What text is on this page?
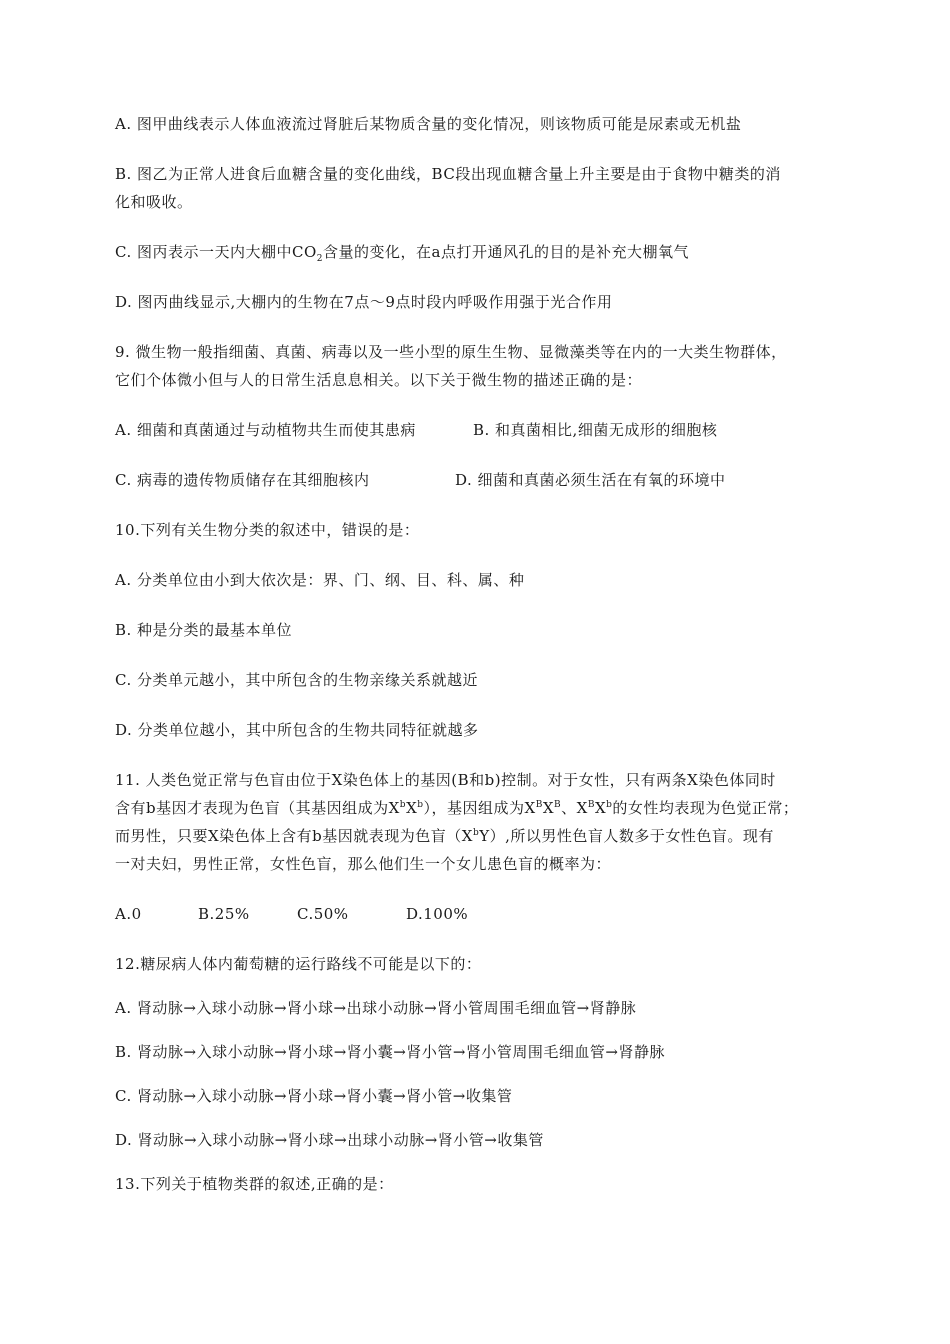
A. 图甲曲线表示人体血液流过肾脏后某物质含量的变化情况，则该物质可能是尿素或无机盐
B. 图乙为正常人进食后血糖含量的变化曲线，BC段出现血糖含量上升主要是由于食物中糖类的消
化和吸收。
C. 图丙表示一天内大棚中$CO_2$含量的变化，在a点打开通风孔的目的是补充大棚氧气
D. 图丙曲线显示,大棚内的生物在7点～9点时段内呼吸作用强于光合作用
9. 微生物一般指细菌、真菌、病毒以及一些小型的原生生物、显微藻类等在内的一大类生物群体，
它们个体微小但与人的日常生活息息相关。以下关于微生物的描述正确的是：
A. 细菌和真菌通过与动植物共生而使其患病	B. 和真菌相比,细菌无成形的细胞核
C. 病毒的遗传物质储存在其细胞核内	D. 细菌和真菌必须生活在有氧的环境中
10.下列有关生物分类的叙述中，错误的是：
A. 分类单位由小到大依次是：界、门、纲、目、科、属、种
B. 种是分类的最基本单位
C. 分类单元越小，其中所包含的生物亲缘关系就越近
D. 分类单位越小，其中所包含的生物共同特征就越多
11. 人类色觉正常与色盲由位于X染色体上的基因(B和b)控制。对于女性，只有两条X染色体同时
含有b基因才表现为色盲（其基因组成为$X^bX^b$），基因组成为$X^BX^B$、$X^BX^b$的女性均表现为色觉正常；
而男性，只要X染色体上含有b基因就表现为色盲$(X^bY)$,所以男性色盲人数多于女性色盲。现有
一对夫妇，男性正常，女性色盲，那么他们生一个女儿患色盲的概率为：
A.0	B.25%	C.50%	D.100%
12.糖尿病人体内葡萄糖的运行路线不可能是以下的：
A. 肾动脉→入球小动脉→肾小球→出球小动脉→肾小管周围毛细血管→肾静脉
B. 肾动脉→入球小动脉→肾小球→肾小囊→肾小管→肾小管周围毛细血管→肾静脉
C. 肾动脉→入球小动脉→肾小球→肾小囊→肾小管→收集管
D. 肾动脉→入球小动脉→肾小球→出球小动脉→肾小管→收集管
13.下列关于植物类群的叙述,正确的是：
